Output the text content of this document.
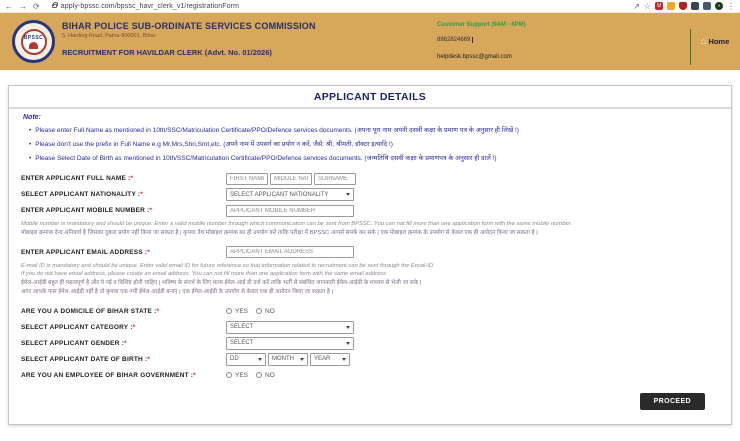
← → ⟳	apply-bpssc.com/bpssc_havr_clerk_v1/registrationForm	↗ ☆	U	● ⋮
BPSSC
BIHAR POLICE SUB-ORDINATE SERVICES COMMISSION
5, Harding Road, Patna-800001, Bihar
RECRUITMENT FOR HAVILDAR CLERK (Advt. No. 01/2026)
Customer Support (9AM - 6PM)
8862824669
helpdesk.bpssc@gmail.com
⌂ Home
APPLICANT DETAILS
Note:
• Please enter Full Name as mentioned in 10th/SSC/Matriculation Certificate/PPO/Defence services documents. (अपना पूरा नाम अपनी दसवीं कक्षा के प्रमाण पत्र के अनुसार ही लिखें !)
• Please don't use the prefix in Full Name e.g Mr,Mrs,Shri,Smt,etc. (अपने नाम में उपसर्ग का प्रयोग न करें, जैसे: श्री, श्रीमती, डॉक्टर इत्यादि !)
• Please Select Date of Birth as mentioned in 10th/SSC/Matriculation Certificate/PPO/Defence services documents. (जन्मतिथि दसवीं कक्षा के प्रमाणपत्र के अनुसार ही डालें !)
ENTER APPLICANT FULL NAME :*
FIRST NAME
MIDDLE NAME
SURNAME
SELECT APPLICANT NATIONALITY :*	SELECT APPLICANT NATIONALITY
ENTER APPLICANT MOBILE NUMBER :*
APPLICANT MOBILE NUMBER
Mobile number is mandatory and should be unique. Enter a valid mobile number through which communication can be sent from BPSSC. You can not fill more than one application form with the same mobile number.
मोबाइल क्रमांक देना अनिवार्य है जिसका दुबारा प्रयोग नहीं किया जा सकता है | कृपया वैध मोबाइल क्रमांक का ही उपयोग करें ताकि परीक्षा में BPSSC आपसे संपर्क कर सके | एक मोबाइल क्रमांक के उपयोग से केवल एक ही आवेदन किया जा सकता है |
ENTER APPLICANT EMAIL ADDRESS :*
APPLICANT EMAIL ADDRESS
E-mail ID is mandatory and should be unique. Enter valid email ID for future reference so that information related to recruitment can be sent through the Email-ID
If you do not have email address, please create an email address. You can not fill more than one application form with the same email address
ईमेल-आईडी बहुत ही महत्वपूर्ण है और ये नई व विशिष्ट होनी चाहिए | भविष्य के संदर्भ के लिए मान्य ईमेल-आई डी दर्ज करें ताकि भर्ती से संबंधित जानकारी ईमेल-आईडी के माध्यम से भेजी जा सके |
अगर आपके पास ईमेल-आईडी नहीं है तो कृपया एक नयी ईमेल-आईडी बनाएं | एक ईमेल-आईडी के उपयोग से केवल एक ही आवेदन किया जा सकता है |
ARE YOU A DOMICILE OF BIHAR STATE :*	YES	NO
SELECT APPLICANT CATEGORY :*	SELECT
SELECT APPLICANT GENDER :*	SELECT
SELECT APPLICANT DATE OF BIRTH :*	DD	MONTH	YEAR
ARE YOU AN EMPLOYEE OF BIHAR GOVERNMENT :*	YES	NO
PROCEED
